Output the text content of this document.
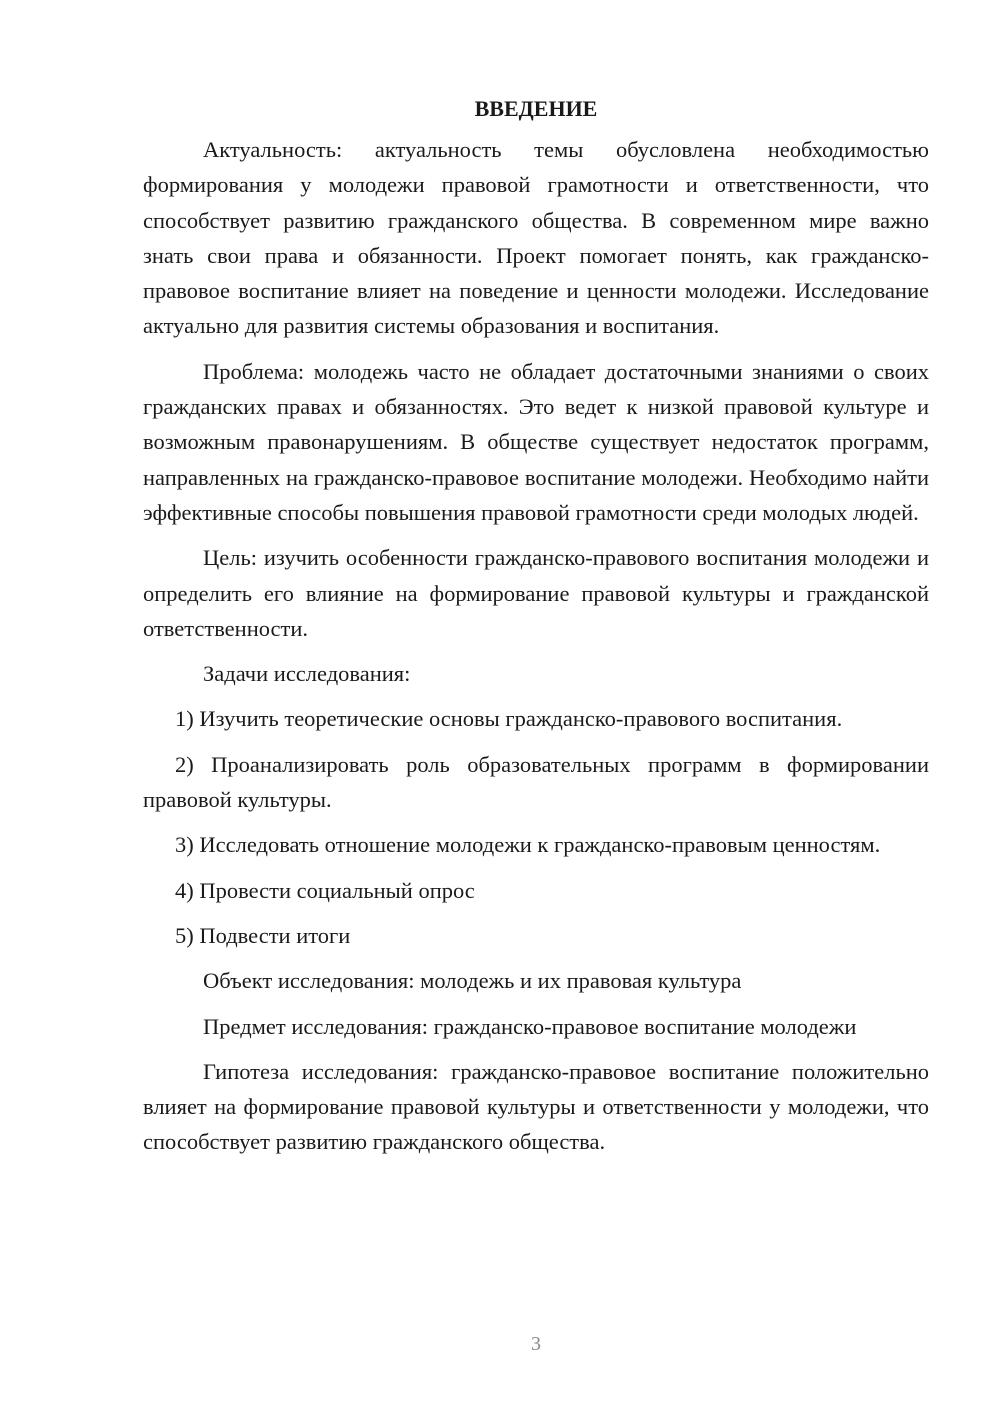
ВВЕДЕНИЕ

Актуальность: актуальность темы обусловлена необходимостью формирования у молодежи правовой грамотности и ответственности, что способствует развитию гражданского общества. В современном мире важно знать свои права и обязанности. Проект помогает понять, как гражданско-правовое воспитание влияет на поведение и ценности молодежи. Исследование актуально для развития системы образования и воспитания.

Проблема: молодежь часто не обладает достаточными знаниями о своих гражданских правах и обязанностях. Это ведет к низкой правовой культуре и возможным правонарушениям. В обществе существует недостаток программ, направленных на гражданско-правовое воспитание молодежи. Необходимо найти эффективные способы повышения правовой грамотности среди молодых людей.

Цель: изучить особенности гражданско-правового воспитания молодежи и определить его влияние на формирование правовой культуры и гражданской ответственности.

Задачи исследования:

1) Изучить теоретические основы гражданско-правового воспитания.

2) Проанализировать роль образовательных программ в формировании правовой культуры.

3) Исследовать отношение молодежи к гражданско-правовым ценностям.

4) Провести социальный опрос

5) Подвести итоги

Объект исследования: молодежь и их правовая культура

Предмет исследования: гражданско-правовое воспитание молодежи

Гипотеза исследования: гражданско-правовое воспитание положительно влияет на формирование правовой культуры и ответственности у молодежи, что способствует развитию гражданского общества.

3
